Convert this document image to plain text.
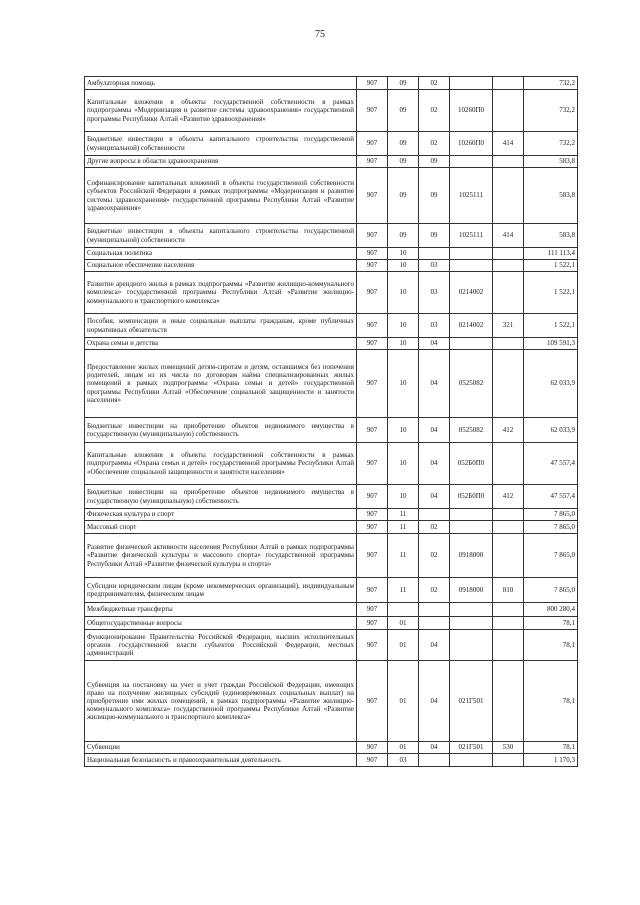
75
Амбулаторная помощь	907	09	02			732,2
Капитальные вложения в объекты государственной собственности в рамках подпрограммы «Модернизация и развитие системы здравоохранения» государственной программы Республики Алтай «Развитие здравоохранения»	907	09	02	10260П0		732,2
Бюджетные инвестиции в объекты капитального строительства государственной (муниципальной) собственности	907	09	02	10260П0	414	732,2
Другие вопросы в области здравоохранения	907	09	09			583,8
Софинансирование капитальных вложений в объекты государственной собственности субъектов Российской Федерации в рамках подпрограммы «Модернизация и развитие системы здравоохранения» государственной программы Республики Алтай «Развитие здравоохранения»	907	09	09	1025111		583,8
Бюджетные инвестиции в объекты капитального строительства государственной (муниципальной) собственности	907	09	09	1025111	414	583,8
Социальная политика	907	10				111 113,4
Социальное обеспечение населения	907	10	03			1 522,1
Развитие арендного жилья в рамках подпрограммы «Развитие жилищно-коммунального комплекса» государственной программы Республики Алтай «Развитие жилищно-коммунального и транспортного комплекса»	907	10	03	0214002		1 522,1
Пособия, компенсации и иные социальные выплаты гражданам, кроме публичных нормативных обязательств	907	10	03	0214002	321	1 522,1
Охрана семьи и детства	907	10	04			109 591,3
Предоставление жилых помещений детям-сиротам и детям, оставшимся без попечения родителей, лицам из их числа по договорам найма специализированных жилых помещений в рамках подпрограммы «Охрана семьи и детей» государственной программы Республики Алтай «Обеспечение социальной защищенности и занятости населения»	907	10	04	0525082		62 033,9
Бюджетные инвестиции на приобретение объектов недвижимого имущества в государственную (муниципальную) собственность	907	10	04	0525082	412	62 033,9
Капитальные вложения в объекты государственной собственности в рамках подпрограммы «Охрана семьи и детей» государственной программы Республики Алтай «Обеспечение социальной защищенности и занятости населения»	907	10	04	052Б0П0		47 557,4
Бюджетные инвестиции на приобретение объектов недвижимого имущества в государственную (муниципальную) собственность	907	10	04	052Б0П0	412	47 557,4
Физическая культура и спорт	907	11				7 865,0
Массовый спорт	907	11	02			7 865,0
Развитие физической активности населения Республики Алтай в рамках подпрограммы «Развитие физической культуры и массового спорта» государственной программы Республики Алтай «Развитие физической культуры и спорта»	907	11	02	0918000		7 865,0
Субсидии юридическим лицам (кроме некоммерческих организаций), индивидуальным предпринимателям, физическим лицам	907	11	02	0918000	810	7 865,0
Межбюджетные трансферты	907					800 280,4
Общегосударственные вопросы	907	01				78,1
Функционирование Правительства Российской Федерации, высших исполнительных органов государственной власти субъектов Российской Федерации, местных администраций	907	01	04			78,1
Субвенция на постановку на учет и учет граждан Российской Федерации, имеющих право на получение жилищных субсидий (единовременных социальных выплат) на приобретение ими жилых помещений, в рамках подпрограммы «Развитие жилищно-коммунального комплекса» государственной программы Республики Алтай «Развитие жилищно-коммунального и транспортного комплекса»	907	01	04	021Г501		78,1
Субвенции	907	01	04	021Г501	530	78,1
Национальная безопасность и правоохранительная деятельность	907	03				1 170,3
